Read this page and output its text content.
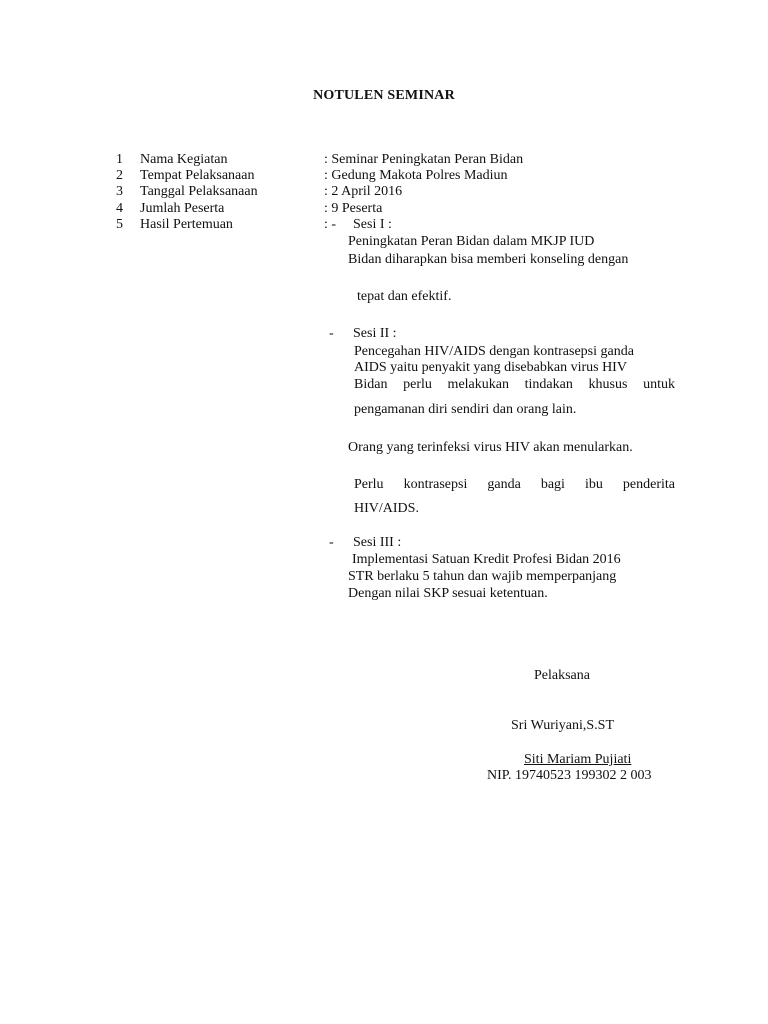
NOTULEN SEMINAR
1 Nama Kegiatan	: Seminar Peningkatan Peran Bidan
2 Tempat Pelaksanaan	: Gedung Makota Polres Madiun
3 Tanggal Pelaksanaan	: 2 April 2016
4 Jumlah Peserta	: 9 Peserta
5 Hasil Pertemuan	: - Sesi I :
Peningkatan Peran Bidan dalam MKJP IUD
Bidan diharapkan bisa memberi konseling dengan
tepat dan efektif.
- Sesi II :
Pencegahan HIV/AIDS dengan kontrasepsi ganda
AIDS yaitu penyakit yang disebabkan virus HIV
Bidan perlu melakukan tindakan khusus untuk
pengamanan diri sendiri dan orang lain.
Orang yang terinfeksi virus HIV akan menularkan.
Perlu kontrasepsi ganda bagi ibu penderita
HIV/AIDS.
- Sesi III :
Implementasi Satuan Kredit Profesi Bidan 2016
STR berlaku 5 tahun dan wajib memperpanjang
Dengan nilai SKP sesuai ketentuan.
Pelaksana
Sri Wuriyani,S.ST
Siti Mariam Pujiati
NIP. 19740523 199302 2 003
